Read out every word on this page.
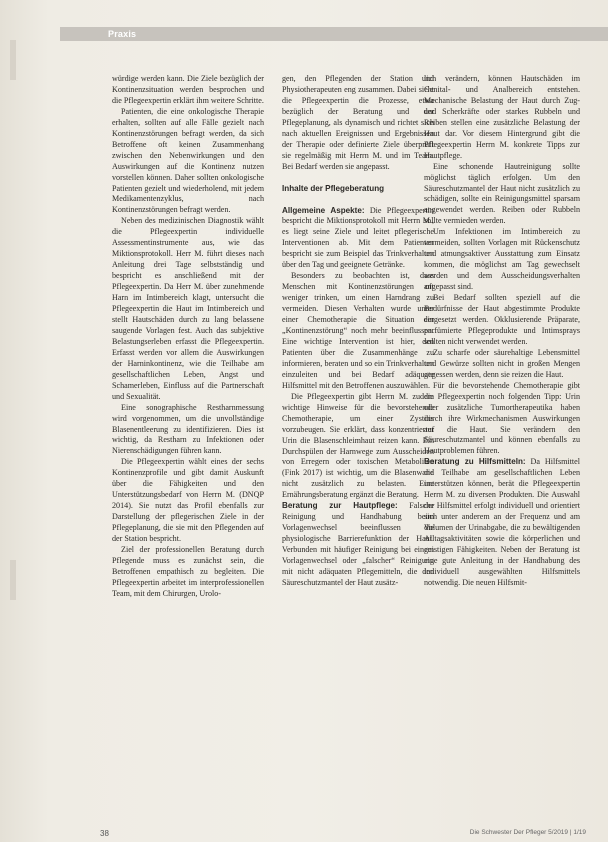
Praxis

würdige werden kann. Die Ziele bezüglich der Kontinenzsituation werden besprochen und die Pflegeexpertin erklärt ihm weitere Schritte.

Patienten, die eine onkologische Therapie erhalten, sollten auf alle Fälle gezielt nach Kontinenzstörungen befragt werden, da sich Betroffene oft keinen Zusammenhang zwischen den Nebenwirkungen und den Auswirkungen auf die Kontinenz nutzen vorstellen können. Daher sollten onkologische Patienten gezielt und wiederholend, mit jedem Medikamentenzyklus, nach Kontinenzstörungen befragt werden.

Neben des medizinischen Diagnostik wählt die Pflegeexpertin individuelle Assessmentinstrumente aus, wie das Miktionsprotokoll. Herr M. führt dieses nach Anleitung drei Tage selbstständig und bespricht es anschließend mit der Pflegeexpertin. Da Herr M. über zunehmende Harn im Intimbereich klagt, untersucht die Pflegeexpertin die Haut im Intimbereich und stellt Hautschäden durch zu lang belassene saugende Vorlagen fest. Auch das subjektive Belastungserleben erfasst die Pflegeexpertin. Erfasst werden vor allem die Auswirkungen der Harninkontinenz, wie die Teilhabe am gesellschaftlichen Leben, Angst und Schamerleben, Einfluss auf die Partnerschaft und Sexualität.

Eine sonographische Restharnmessung wird vorgenommen, um die unvollständige Blasenentleerung zu identifizieren. Dies ist wichtig, da Restharn zu Infektionen oder Nierenschädigungen führen kann.

Die Pflegeexpertin wählt eines der sechs Kontinenzprofile und gibt damit Auskunft über die Fähigkeiten und den Unterstützungsbedarf von Herrn M. (DNQP 2014). Sie nutzt das Profil ebenfalls zur Darstellung der pflegerischen Ziele in der Pflegeplanung, die sie mit den Pflegenden auf der Station bespricht.

Ziel der professionellen Beratung durch Pflegende muss es zunächst sein, die Betroffenen empathisch zu begleiten. Die Pflegeexpertin arbeitet im interprofessionellen Team, mit dem Chirurgen, Urolo-

gen, den Pflegenden der Station und Physiotherapeuten eng zusammen. Dabei sieht die Pflegeexpertin die Prozesse, etwa bezüglich der Beratung und der Pflegeplanung, als dynamisch und richtet sich nach aktuellen Ereignissen und Ergebnissen der Therapie oder definierte Ziele überprüft sie regelmäßig mit Herrn M. und im Team. Bei Bedarf werden sie angepasst.

Inhalte der Pflegeberatung

Allgemeine Aspekte: Die Pflegeexpertin bespricht die Miktionsprotokoll mit Herrn M., es liegt seine Ziele und leitet pflegerische Interventionen ab. Mit dem Patienten bespricht sie zum Beispiel das Trinkverhalten über den Tag und geeignete Getränke.

Besonders zu beobachten ist, dass Menschen mit Kontinenzstörungen oft weniger trinken, um einen Harndrang zu vermeiden. Diesen Verhalten wurde unter einer Chemotherapie die Situation der „Kontinenzstörung“ noch mehr beeinflussen. Eine wichtige Intervention ist hier, den Patienten über die Zusammenhänge zu informieren, beraten und so ein Trinkverhalten einzuleiten und bei Bedarf adäquate Hilfsmittel mit den Betroffenen auszuwählen.

Die Pflegeexpertin gibt Herrn M. zudem wichtige Hinweise für die bevorstehende Chemotherapie, um einer Zystitis vorzubeugen. Sie erklärt, dass konzentrierter Urin die Blasenschleimhaut reizen kann. Ein Durchspülen der Harnwege zum Ausscheiden von Erregern oder toxischen Metaboliten (Fink 2017) ist wichtig, um die Blasenwand nicht zusätzlich zu belasten. Eine Ernährungsberatung ergänzt die Beratung.

Beratung zur Hautpflege: Falsche Reinigung und Handhabung beim Vorlagenwechsel beeinflussen die physiologische Barrierefunktion der Haut. Verbunden mit häufiger Reinigung bei einem Vorlagenwechsel oder „falscher“ Reinigung mit nicht adäquaten Pflegemitteln, die den Säureschutzmantel der Haut zusätz-

lich verändern, können Hautschäden im Genital- und Analbereich entstehen. Mechanische Belastung der Haut durch Zug- und Scherkräfte oder starkes Rubbeln und Reiben stellen eine zusätzliche Belastung der Haut dar. Vor diesem Hintergrund gibt die Pflegeexpertin Herrn M. konkrete Tipps zur Hautpflege.

Eine schonende Hautreinigung sollte möglichst täglich erfolgen. Um den Säureschutzmantel der Haut nicht zusätzlich zu schädigen, sollte ein Reinigungsmittel sparsam angewendet werden. Reiben oder Rubbeln sollte vermieden werden.

Um Infektionen im Intimbereich zu vermeiden, sollten Vorlagen mit Rückenschutz und atmungsaktiver Ausstattung zum Einsatz kommen, die möglichst am Tag gewechselt werden und dem Ausscheidungsverhalten angepasst sind.

Bei Bedarf sollten speziell auf die Bedürfnisse der Haut abgestimmte Produkte eingesetzt werden. Okklusierende Präparate, parfümierte Pflegeprodukte und Intimsprays sollten nicht verwendet werden.

Zu scharfe oder säurehaltige Lebensmittel und Gewürze sollten nicht in großen Mengen gegessen werden, denn sie reizen die Haut.

Für die bevorstehende Chemotherapie gibt die Pflegeexpertin noch folgenden Tipp: Urin oder zusätzliche Tumortherapeutika haben durch ihre Wirkmechanismen Auswirkungen auf die Haut. Sie verändern den Säureschutzmantel und können ebenfalls zu Hautproblemen führen.

Beratung zu Hilfsmitteln: Da Hilfsmittel die Teilhabe am gesellschaftlichen Leben unterstützen können, berät die Pflegeexpertin Herrn M. zu diversen Produkten. Die Auswahl der Hilfsmittel erfolgt individuell und orientiert sich unter anderem an der Frequenz und am Volumen der Urinabgabe, die zu bewältigenden Alltagsaktivitäten sowie die körperlichen und geistigen Fähigkeiten. Neben der Beratung ist eine gute Anleitung in der Handhabung des individuell ausgewählten Hilfsmittels notwendig. Die neuen Hilfsmit-

38	Die Schwester Der Pfleger 5/2019 | 1/19
